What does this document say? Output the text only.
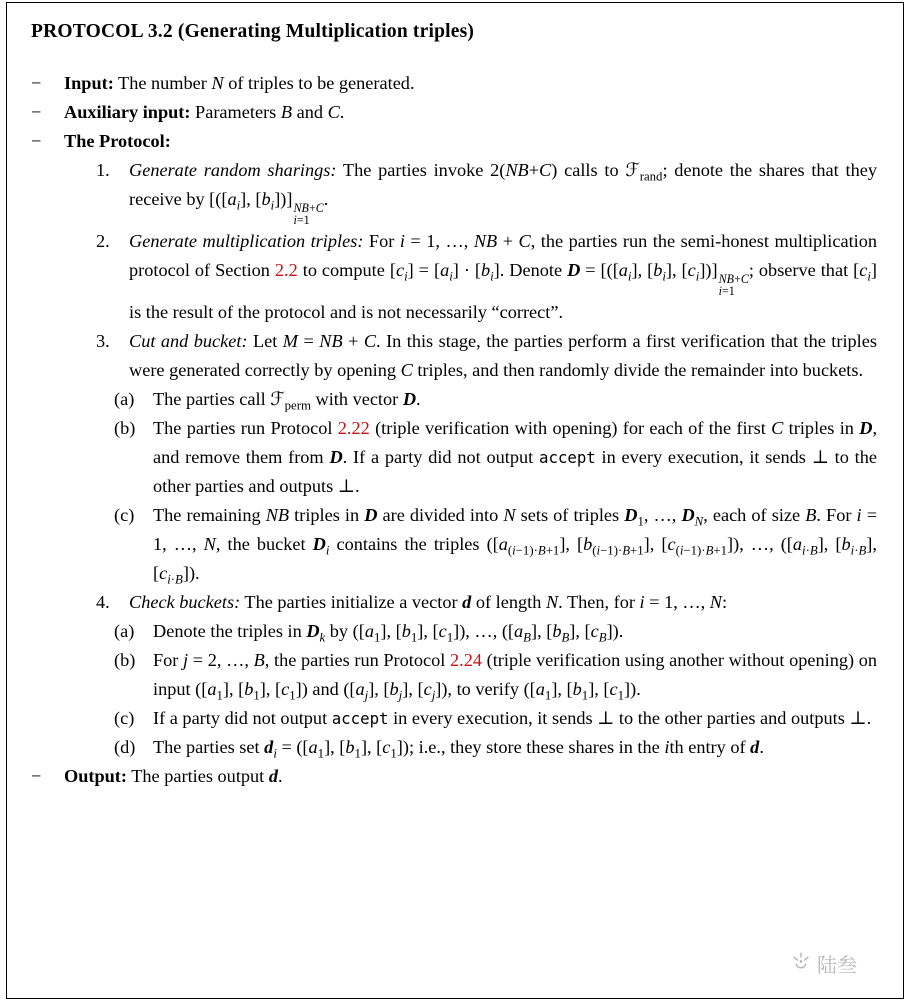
PROTOCOL 3.2 (Generating Multiplication triples)
−	Input: The number N of triples to be generated.
−	Auxiliary input: Parameters B and C.
−	The Protocol:
1.	Generate random sharings: The parties invoke 2(NB+C) calls to ℱ$_{rand}$; denote the shares that they receive by [($[a_i]$, $[b_i]$)] NB+C
i=1
.
2.	Generate multiplication triples: For i = 1, …, NB + C, the parties run the semi-honest multiplication protocol of Section 2.2 to compute $[c_i] = [a_i] \cdot [b_i]$. Denote $D = [([a_i]$, $[b_i]$, $[c_i]$)] NB+C
i=1
; observe that $[c_i]$ is the result of the protocol and is not necessarily “correct”.
3.	Cut and bucket: Let M = NB + C. In this stage, the parties perform a first verification that the triples were generated correctly by opening C triples, and then randomly divide the remainder into buckets.
(a)	The parties call ℱ$_{perm}$ with vector D.
(b) The parties run Protocol 2.22 (triple verification with opening) for each of the first C triples in D, and remove them from D. If a party did not output accept in every execution, it sends ⊥ to the other parties and outputs ⊥.
(c)	The remaining NB triples in D are divided into N sets of triples $D_1$, …, $D_N$, each of size B. For i = 1, …, N, the bucket $D_i$ contains the triples ($[a_{(i-1)\cdot B+1}]$, $[b_{(i-1)\cdot B+1}]$, $[c_{(i-1)\cdot B+1}]$), …, ($[a_{i\cdot B}]$, $[b_{i\cdot B}]$, $[c_{i\cdot B}]$).
4.	Check buckets: The parties initialize a vector d of length N. Then, for i = 1, …, N:
(a)	Denote the triples in $D_k$ by ($[a_1]$, $[b_1]$, $[c_1]$), …, ($[a_B]$, $[b_B]$, $[c_B]$).
(b) For j = 2, …, B, the parties run Protocol 2.24 (triple verification using another without opening) on input ($[a_1]$, $[b_1]$, $[c_1]$) and ($[a_j]$, $[b_j]$, $[c_j]$), to verify ($[a_1]$, $[b_1]$, $[c_1]$).
(c)	If a party did not output accept in every execution, it sends ⊥ to the other parties and outputs ⊥.
(d) The parties set $d_i = ([a_1]$, $[b_1]$, $[c_1]$); i.e., they store these shares in the ith entry of d.
−	Output: The parties output d.
陆叁
